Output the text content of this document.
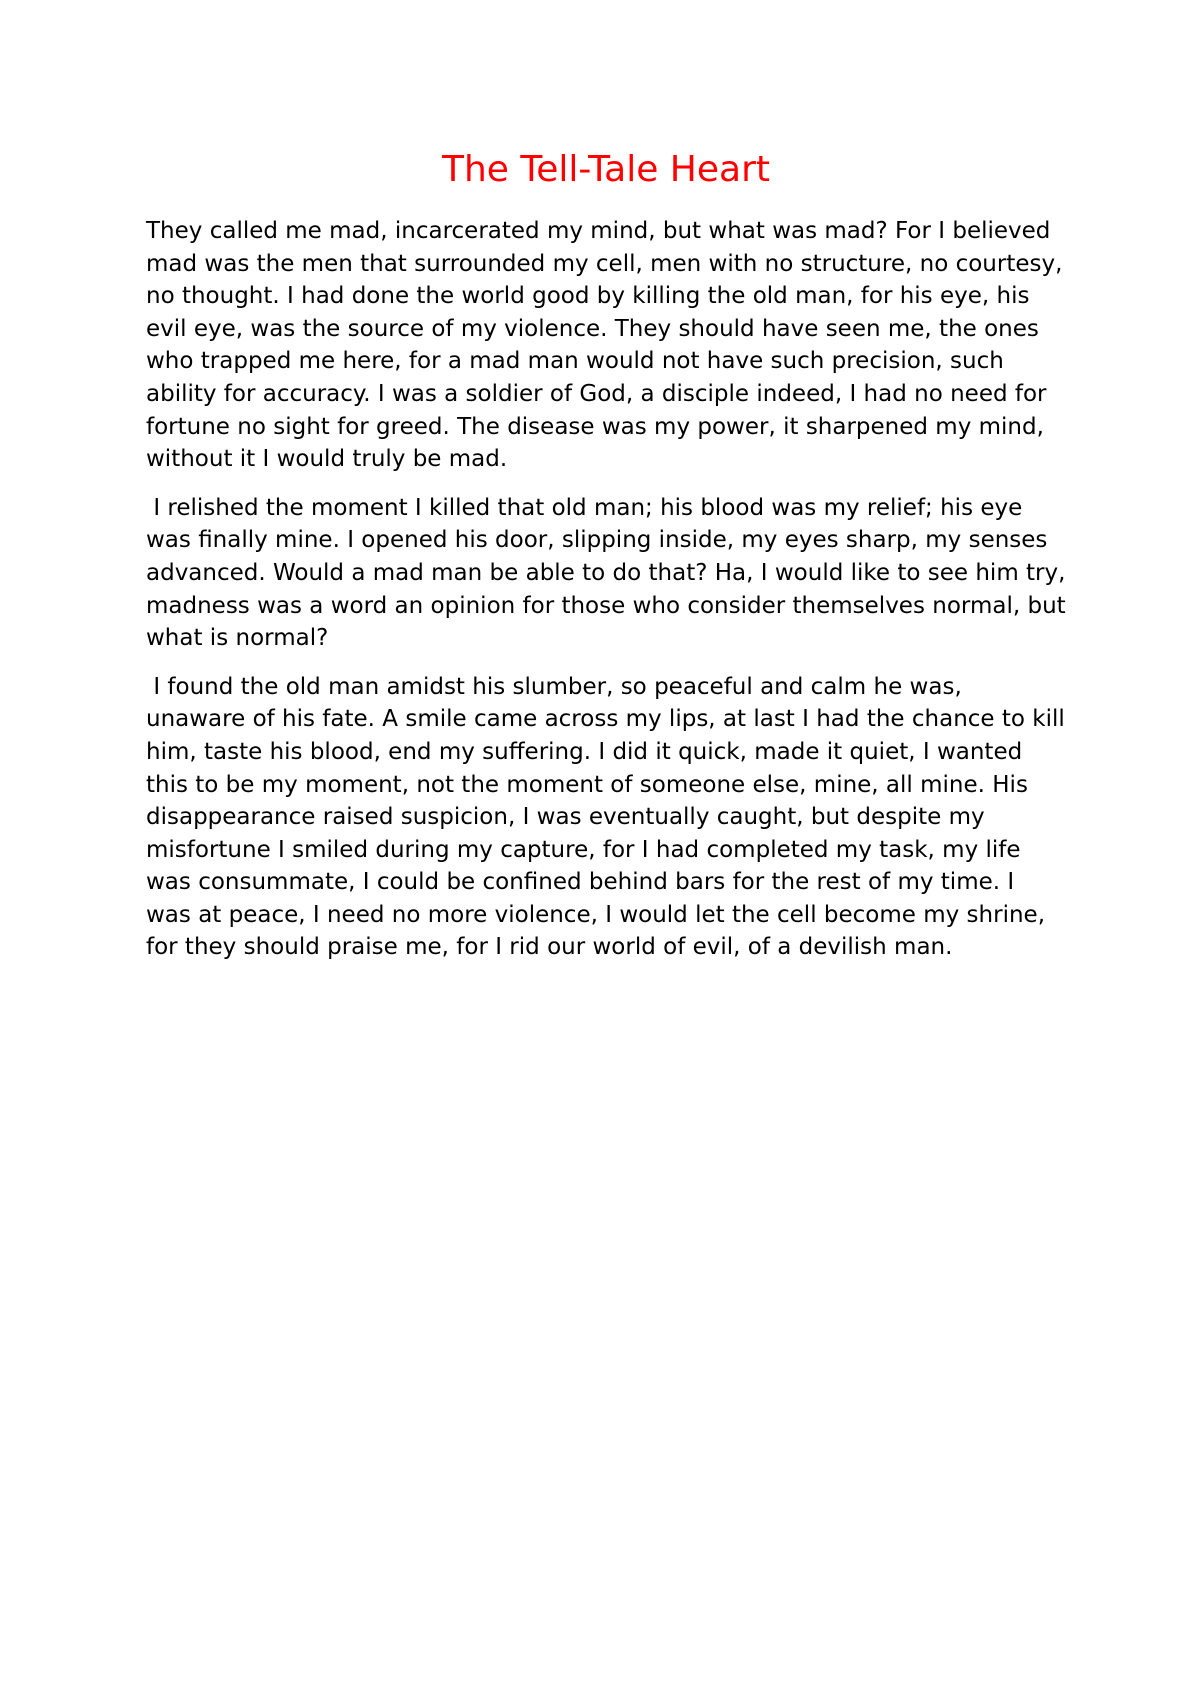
The Tell-Tale Heart

They called me mad, incarcerated my mind, but what was mad? For I believed mad was the men that surrounded my cell, men with no structure, no courtesy, no thought. I had done the world good by killing the old man, for his eye, his evil eye, was the source of my violence. They should have seen me, the ones who trapped me here, for a mad man would not have such precision, such ability for accuracy. I was a soldier of God, a disciple indeed, I had no need for fortune no sight for greed. The disease was my power, it sharpened my mind, without it I would truly be mad.

I relished the moment I killed that old man; his blood was my relief; his eye was finally mine. I opened his door, slipping inside, my eyes sharp, my senses advanced. Would a mad man be able to do that? Ha, I would like to see him try, madness was a word an opinion for those who consider themselves normal, but what is normal?

I found the old man amidst his slumber, so peaceful and calm he was, unaware of his fate. A smile came across my lips, at last I had the chance to kill him, taste his blood, end my suffering. I did it quick, made it quiet, I wanted this to be my moment, not the moment of someone else, mine, all mine. His disappearance raised suspicion, I was eventually caught, but despite my misfortune I smiled during my capture, for I had completed my task, my life was consummate, I could be confined behind bars for the rest of my time. I was at peace, I need no more violence, I would let the cell become my shrine, for they should praise me, for I rid our world of evil, of a devilish man.
